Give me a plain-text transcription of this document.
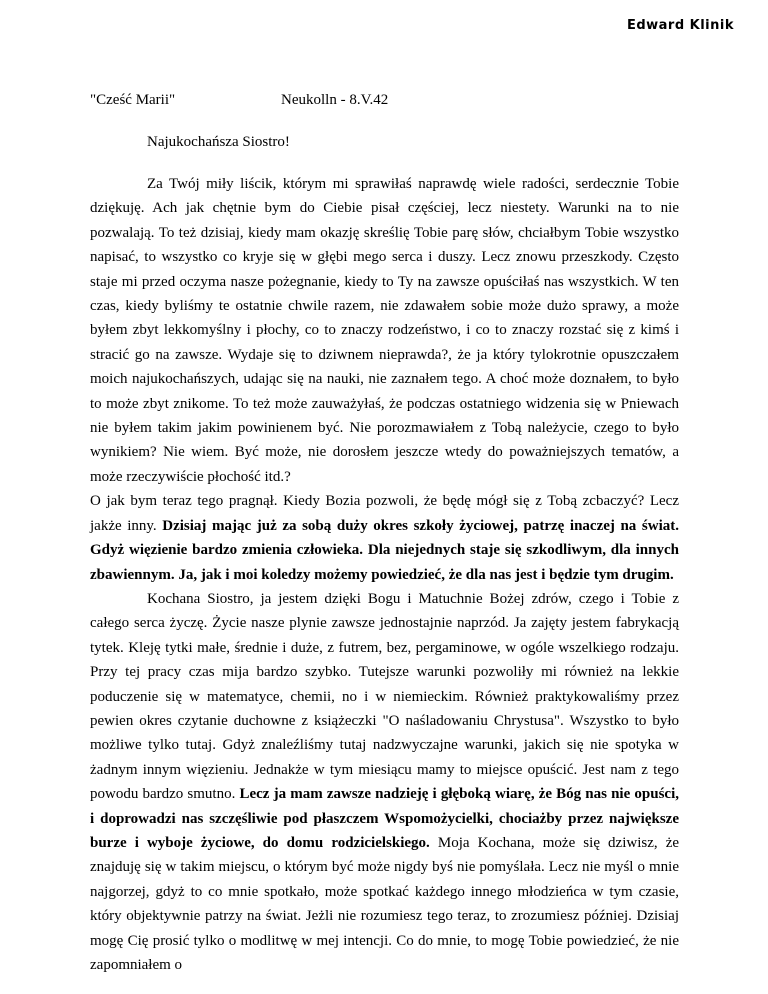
Edward Klinik
"Cześć Marii"	Neukolln - 8.V.42
Najukochańsza Siostro!

Za Twój miły liścik, którym mi sprawiłaś naprawdę wiele radości, serdecznie Tobie dziękuję. Ach jak chętnie bym do Ciebie pisał częściej, lecz niestety. Warunki na to nie pozwalają. To też dzisiaj, kiedy mam okazję skreślię Tobie parę słów, chciałbym Tobie wszystko napisać, to wszystko co kryje się w głębi mego serca i duszy. Lecz znowu przeszkody. Często staje mi przed oczyma nasze pożegnanie, kiedy to Ty na zawsze opuściłaś nas wszystkich. W ten czas, kiedy byliśmy te ostatnie chwile razem, nie zdawałem sobie może dużo sprawy, a może byłem zbyt lekkomyślny i płochy, co to znaczy rodzeństwo, i co to znaczy rozstać się z kimś i stracić go na zawsze. Wydaje się to dziwnem nieprawda?, że ja który tylokrotnie opuszczałem moich najukochańszych, udając się na nauki, nie zaznałem tego. A choć może doznałem, to było to może zbyt znikome. To też może zauważyłaś, że podczas ostatniego widzenia się w Pniewach nie byłem takim jakim powinienem być. Nie porozmawiałem z Tobą należycie, czego to było wynikiem? Nie wiem. Być może, nie dorosłem jeszcze wtedy do poważniejszych tematów, a może rzeczywiście płochość itd.?

O jak bym teraz tego pragnął. Kiedy Bozia pozwoli, że będę mógł się z Tobą zcbaczyć? Lecz jakże inny. Dzisiaj mając już za sobą duży okres szkoły życiowej, patrzę inaczej na świat. Gdyż więzienie bardzo zmienia człowieka. Dla niejednych staje się szkodliwym, dla innych zbawiennym. Ja, jak i moi koledzy możemy powiedzieć, że dla nas jest i będzie tym drugim.

Kochana Siostro, ja jestem dzięki Bogu i Matuchnie Bożej zdrów, czego i Tobie z całego serca życzę. Życie nasze plynie zawsze jednostajnie naprzód. Ja zajęty jestem fabrykacją tytek. Kleję tytki małe, średnie i duże, z futrem, bez, pergaminowe, w ogóle wszelkiego rodzaju. Przy tej pracy czas mija bardzo szybko. Tutejsze warunki pozwoliły mi również na lekkie poduczenie się w matematyce, chemii, no i w niemieckim. Również praktykowaliśmy przez pewien okres czytanie duchowne z książeczki "O naśladowaniu Chrystusa". Wszystko to było możliwe tylko tutaj. Gdyż znaleźliśmy tutaj nadzwyczajne warunki, jakich się nie spotyka w żadnym innym więzieniu. Jednakże w tym miesiącu mamy to miejsce opuścić. Jest nam z tego powodu bardzo smutno. Lecz ja mam zawsze nadzieję i głęboką wiarę, że Bóg nas nie opuści, i doprowadzi nas szczęśliwie pod płaszczem Wspomożycielki, chociażby przez największe burze i wyboje życiowe, do domu rodzicielskiego. Moja Kochana, może się dziwisz, że znajduję się w takim miejscu, o którym być może nigdy byś nie pomyślała. Lecz nie myśl o mnie najgorzej, gdyż to co mnie spotkało, może spotkać każdego innego młodzieńca w tym czasie, który objektywnie patrzy na świat. Jeżli nie rozumiesz tego teraz, to zrozumiesz później. Dzisiaj mogę Cię prosić tylko o modlitwę w mej intencji. Co do mnie, to mogę Tobie powiedzieć, że nie zapomniałem o
